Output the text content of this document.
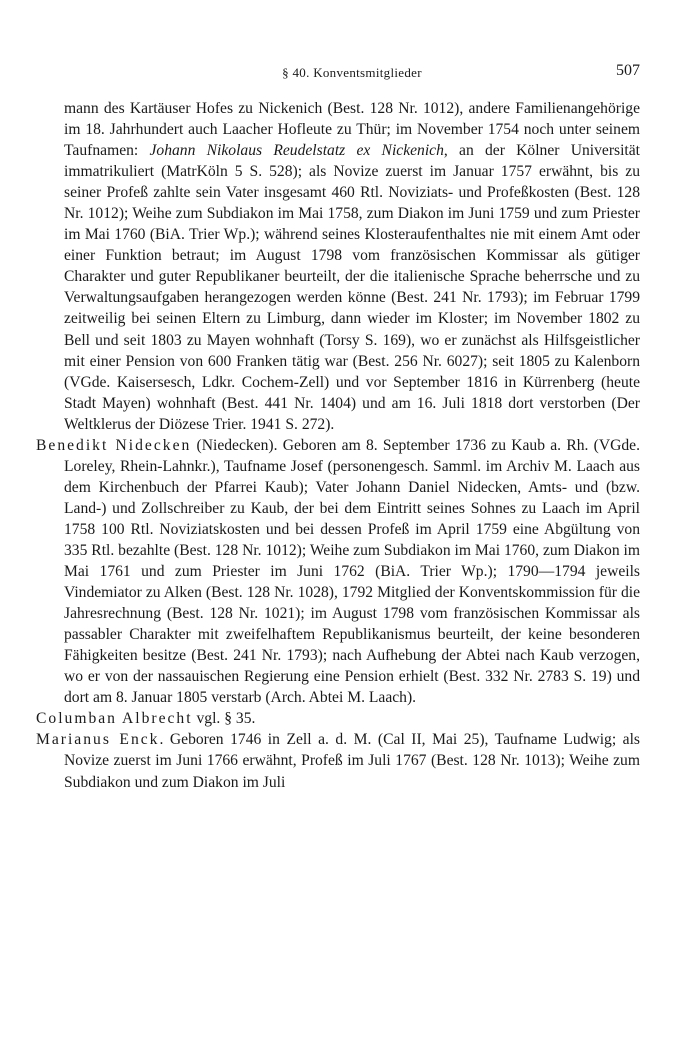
§ 40. Konventsmitglieder	507

mann des Kartäuser Hofes zu Nickenich (Best. 128 Nr. 1012), andere Familienangehörige im 18. Jahrhundert auch Laacher Hofleute zu Thür; im November 1754 noch unter seinem Taufnamen: Johann Nikolaus Reudelstatz ex Nickenich, an der Kölner Universität immatrikuliert (MatrKöln 5 S. 528); als Novize zuerst im Januar 1757 erwähnt, bis zu seiner Profeß zahlte sein Vater insgesamt 460 Rtl. Noviziats- und Profeßkosten (Best. 128 Nr. 1012); Weihe zum Subdiakon im Mai 1758, zum Diakon im Juni 1759 und zum Priester im Mai 1760 (BiA. Trier Wp.); während seines Klosteraufenthaltes nie mit einem Amt oder einer Funktion betraut; im August 1798 vom französischen Kommissar als gütiger Charakter und guter Republikaner beurteilt, der die italienische Sprache beherrsche und zu Verwaltungsaufgaben herangezogen werden könne (Best. 241 Nr. 1793); im Februar 1799 zeitweilig bei seinen Eltern zu Limburg, dann wieder im Kloster; im November 1802 zu Bell und seit 1803 zu Mayen wohnhaft (Torsy S. 169), wo er zunächst als Hilfsgeistlicher mit einer Pension von 600 Franken tätig war (Best. 256 Nr. 6027); seit 1805 zu Kalenborn (VGde. Kaisersesch, Ldkr. Cochem-Zell) und vor September 1816 in Kürrenberg (heute Stadt Mayen) wohnhaft (Best. 441 Nr. 1404) und am 16. Juli 1818 dort verstorben (Der Weltklerus der Diözese Trier. 1941 S. 272).

Benedikt Nidecken (Niedecken). Geboren am 8. September 1736 zu Kaub a. Rh. (VGde. Loreley, Rhein-Lahnkr.), Taufname Josef (personengesch. Samml. im Archiv M. Laach aus dem Kirchenbuch der Pfarrei Kaub); Vater Johann Daniel Nidecken, Amts- und (bzw. Land-) und Zollschreiber zu Kaub, der bei dem Eintritt seines Sohnes zu Laach im April 1758 100 Rtl. Noviziatskosten und bei dessen Profeß im April 1759 eine Abgültung von 335 Rtl. bezahlte (Best. 128 Nr. 1012); Weihe zum Subdiakon im Mai 1760, zum Diakon im Mai 1761 und zum Priester im Juni 1762 (BiA. Trier Wp.); 1790—1794 jeweils Vindemiator zu Alken (Best. 128 Nr. 1028), 1792 Mitglied der Konventskommission für die Jahresrechnung (Best. 128 Nr. 1021); im August 1798 vom französischen Kommissar als passabler Charakter mit zweifelhaftem Republikanismus beurteilt, der keine besonderen Fähigkeiten besitze (Best. 241 Nr. 1793); nach Aufhebung der Abtei nach Kaub verzogen, wo er von der nassauischen Regierung eine Pension erhielt (Best. 332 Nr. 2783 S. 19) und dort am 8. Januar 1805 verstarb (Arch. Abtei M. Laach).

Columban Albrecht vgl. § 35.

Marianus Enck. Geboren 1746 in Zell a. d. M. (Cal II, Mai 25), Taufname Ludwig; als Novize zuerst im Juni 1766 erwähnt, Profeß im Juli 1767 (Best. 128 Nr. 1013); Weihe zum Subdiakon und zum Diakon im Juli
